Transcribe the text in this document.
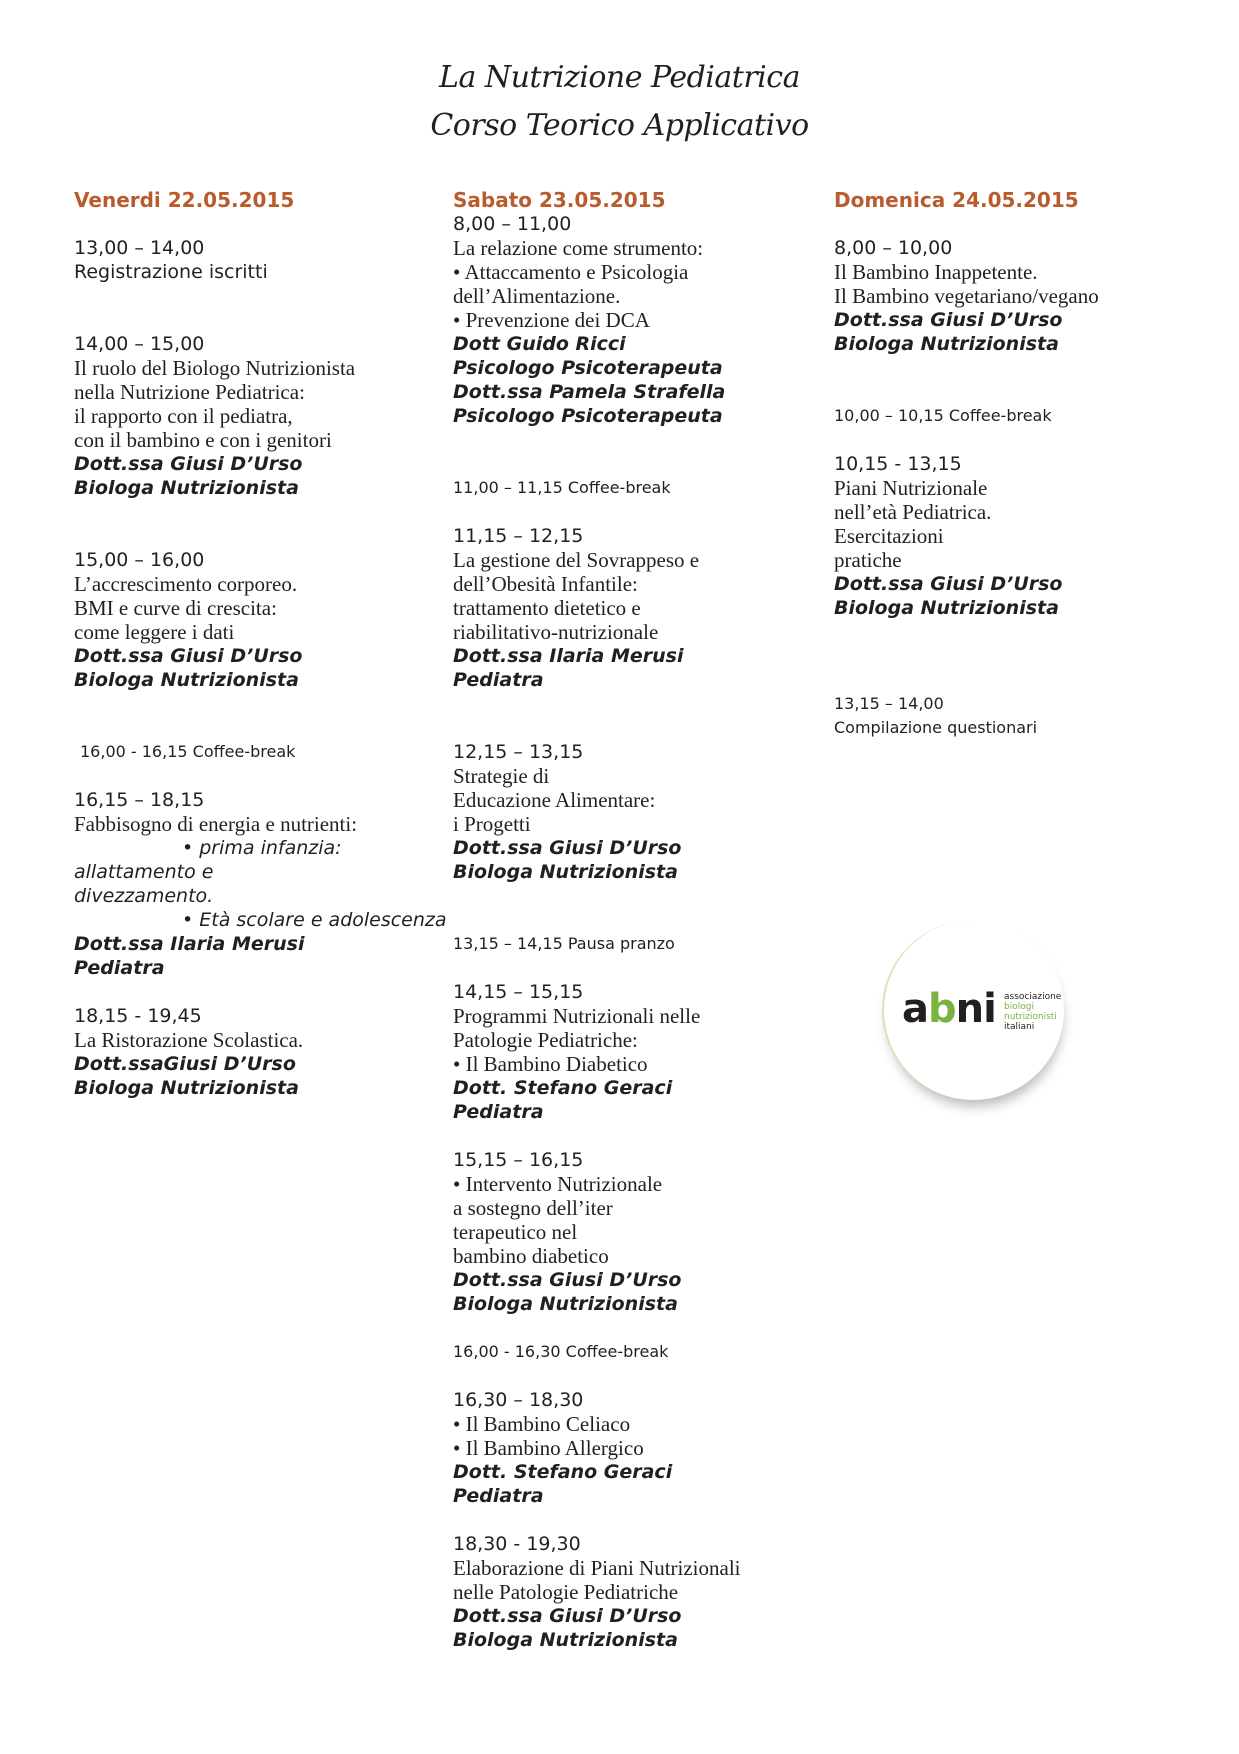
La Nutrizione Pediatrica
Corso Teorico Applicativo
Venerdi 22.05.2015
13,00 – 14,00
Registrazione iscritti
14,00 – 15,00
Il ruolo del Biologo Nutrizionista
nella Nutrizione Pediatrica:
il rapporto con il pediatra,
con il bambino e con i genitori
Dott.ssa Giusi D’Urso
Biologa Nutrizionista
15,00 – 16,00
L’accrescimento corporeo.
BMI e curve di crescita:
come leggere i dati
Dott.ssa Giusi D’Urso
Biologa Nutrizionista
16,00 - 16,15 Coffee-break
16,15 – 18,15
Fabbisogno di energia e nutrienti:
• prima infanzia:
allattamento e
divezzamento.
• Età scolare e adolescenza
Dott.ssa Ilaria Merusi
Pediatra
18,15 - 19,45
La Ristorazione Scolastica.
Dott.ssaGiusi D’Urso
Biologa Nutrizionista
Sabato 23.05.2015
8,00 – 11,00
La relazione come strumento:
• Attaccamento e Psicologia
dell’Alimentazione.
• Prevenzione dei DCA
Dott Guido Ricci
Psicologo Psicoterapeuta
Dott.ssa Pamela Strafella
Psicologo Psicoterapeuta
11,00 – 11,15 Coffee-break
11,15 – 12,15
La gestione del Sovrappeso e
dell’Obesità Infantile:
trattamento dietetico e
riabilitativo-nutrizionale
Dott.ssa Ilaria Merusi
Pediatra
12,15 – 13,15
Strategie di
Educazione Alimentare:
i Progetti
Dott.ssa Giusi D’Urso
Biologa Nutrizionista
13,15 – 14,15 Pausa pranzo
14,15 – 15,15
Programmi Nutrizionali nelle
Patologie Pediatriche:
• Il Bambino Diabetico
Dott. Stefano Geraci
Pediatra
15,15 – 16,15
• Intervento Nutrizionale
a sostegno dell’iter
terapeutico nel
bambino diabetico
Dott.ssa Giusi D’Urso
Biologa Nutrizionista
16,00 - 16,30 Coffee-break
16,30 – 18,30
• Il Bambino Celiaco
• Il Bambino Allergico
Dott. Stefano Geraci
Pediatra
18,30 - 19,30
Elaborazione di Piani Nutrizionali
nelle Patologie Pediatriche
Dott.ssa Giusi D’Urso
Biologa Nutrizionista
Domenica 24.05.2015
8,00 – 10,00
Il Bambino Inappetente.
Il Bambino vegetariano/vegano
Dott.ssa Giusi D’Urso
Biologa Nutrizionista
10,00 – 10,15 Coffee-break
10,15 - 13,15
Piani Nutrizionale
nell’età Pediatrica.
Esercitazioni
pratiche
Dott.ssa Giusi D’Urso
Biologa Nutrizionista
13,15 – 14,00
Compilazione questionari
abni associazione
biologi
nutrizionisti
italiani
